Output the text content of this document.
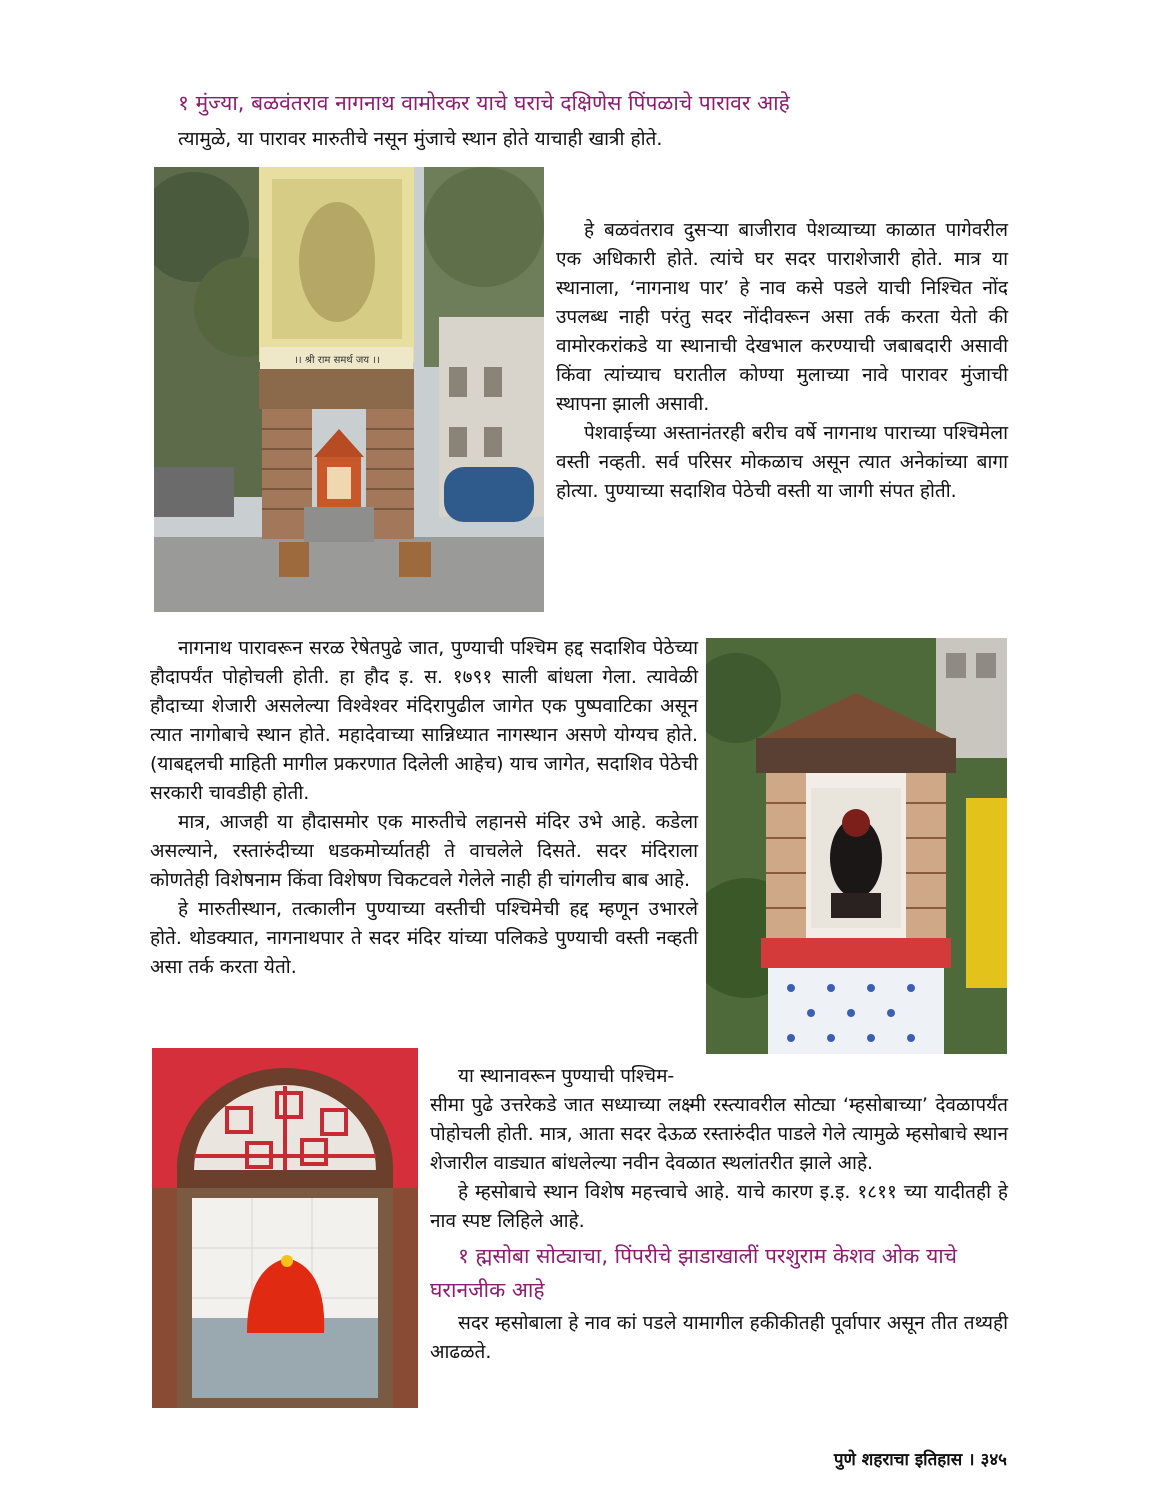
१ मुंज्या, बळवंतराव नागनाथ वामोरकर याचे घराचे दक्षिणेस पिंपळाचे पारावर आहे
त्यामुळे, या पारावर मारुतीचे नसून मुंजाचे स्थान होते याचाही खात्री होते.
।। श्री राम समर्थ जय ।।

हे बळवंतराव दुसऱ्या बाजीराव पेशव्याच्या काळात पागेवरील एक अधिकारी होते. त्यांचे घर सदर पाराशेजारी होते. मात्र या स्थानाला, ‘नागनाथ पार’ हे नाव कसे पडले याची निश्चित नोंद उपलब्ध नाही परंतु सदर नोंदीवरून असा तर्क करता येतो की वामोरकरांकडे या स्थानाची देखभाल करण्याची जबाबदारी असावी किंवा त्यांच्याच घरातील कोण्या मुलाच्या नावे पारावर मुंजाची स्थापना झाली असावी.

पेशवाईच्या अस्तानंतरही बरीच वर्षे नागनाथ पाराच्या पश्चिमेला वस्ती नव्हती. सर्व परिसर मोकळाच असून त्यात अनेकांच्या बागा होत्या. पुण्याच्या सदाशिव पेठेची वस्ती या जागी संपत होती.

नागनाथ पारावरून सरळ रेषेतपुढे जात, पुण्याची पश्चिम हद्द सदाशिव पेठेच्या हौदापर्यंत पोहोचली होती. हा हौद इ. स. १७९१ साली बांधला गेला. त्यावेळी हौदाच्या शेजारी असलेल्या विश्वेश्वर मंदिरापुढील जागेत एक पुष्पवाटिका असून त्यात नागोबाचे स्थान होते. महादेवाच्या सान्निध्यात नागस्थान असणे योग्यच होते. (याबद्दलची माहिती मागील प्रकरणात दिलेली आहेच) याच जागेत, सदाशिव पेठेची सरकारी चावडीही होती.

मात्र, आजही या हौदासमोर एक मारुतीचे लहानसे मंदिर उभे आहे. कडेला असल्याने, रस्तारुंदीच्या धडकमोर्च्यातही ते वाचलेले दिसते. सदर मंदिराला कोणतेही विशेषनाम किंवा विशेषण चिकटवले गेलेले नाही ही चांगलीच बाब आहे.

हे मारुतीस्थान, तत्कालीन पुण्याच्या वस्तीची पश्चिमेची हद्द म्हणून उभारले होते. थोडक्यात, नागनाथपार ते सदर मंदिर यांच्या पलिकडे पुण्याची वस्ती नव्हती असा तर्क करता येतो.

या स्थानावरून पुण्याची पश्चिम-

सीमा पुढे उत्तरेकडे जात सध्याच्या लक्ष्मी रस्त्यावरील सोट्या ‘म्हसोबाच्या’ देवळापर्यंत पोहोचली होती. मात्र, आता सदर देऊळ रस्तारुंदीत पाडले गेले त्यामुळे म्हसोबाचे स्थान शेजारील वाड्यात बांधलेल्या नवीन देवळात स्थलांतरीत झाले आहे.

हे म्हसोबाचे स्थान विशेष महत्त्वाचे आहे. याचे कारण इ.इ. १८११ च्या यादीतही हे नाव स्पष्ट लिहिले आहे.

१ ह्मसोबा सोट्याचा, पिंपरीचे झाडाखालीं परशुराम केशव ओक याचे घरानजीक आहे

सदर म्हसोबाला हे नाव कां पडले यामागील हकीकीतही पूर्वापार असून तीत तथ्यही आढळते.

पुणे शहराचा इतिहास । ३४५
